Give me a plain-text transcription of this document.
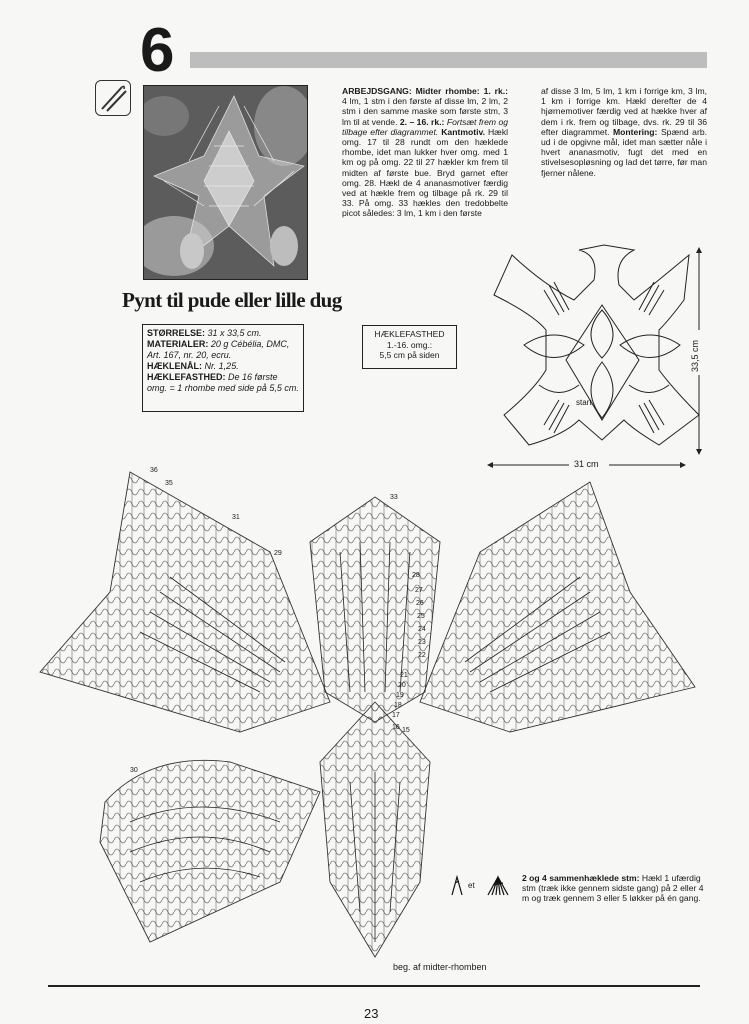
6
Pynt til pude eller lille dug
STØRRELSE: 31 x 33,5 cm.
MATERIALER: 20 g Cébélia, DMC, Art. 167, nr. 20, ecru.
HÆKLENÅL: Nr. 1,25.
HÆKLEFASTHED: De 16 første omg. = 1 rhombe med side på 5,5 cm.
HÆKLEFASTHED
1.-16. omg.:
5,5 cm på siden

ARBEJDSGANG: Midter rhombe: 1. rk.: 4 lm, 1 stm i den første af disse lm, 2 lm, 2 stm i den samme maske som første stm, 3 lm til at vende. 2. – 16. rk.: Fortsæt frem og tilbage efter diagrammet. Kantmotiv. Hækl omg. 17 til 28 rundt om den hæklede rhombe, idet man lukker hver omg. med 1 km og på omg. 22 til 27 hækler km frem til midten af første bue. Bryd garnet efter omg. 28. Hækl de 4 ananasmotiver færdig ved at hækle frem og tilbage på rk. 29 til 33. På omg. 33 hækles den tredobbelte picot således: 3 lm, 1 km i den første

af disse 3 lm, 5 lm, 1 km i forrige km, 3 lm, 1 km i forrige km. Hækl derefter de 4 hjørnemotiver færdig ved at hække hver af dem i rk. frem og tilbage, dvs. rk. 29 til 36 efter diagrammet. Montering: Spænd arb. ud i de opgivne mål, idet man sætter nåle i hvert ananasmotiv, fugt det med en stivelsesopløsning og lad det tørre, før man fjerner nålene.

start
31 cm
33,5 cm
36
35
33
31
29
28
27
26
25
24
23
22
21
20
19
18
17
16 15
30
et
2 og 4 sammenhæklede stm: Hækl 1 ufærdig stm (træk ikke gennem sidste gang) på 2 eller 4 m og træk gennem 3 eller 5 løkker på én gang.
beg. af midter-rhomben
23
